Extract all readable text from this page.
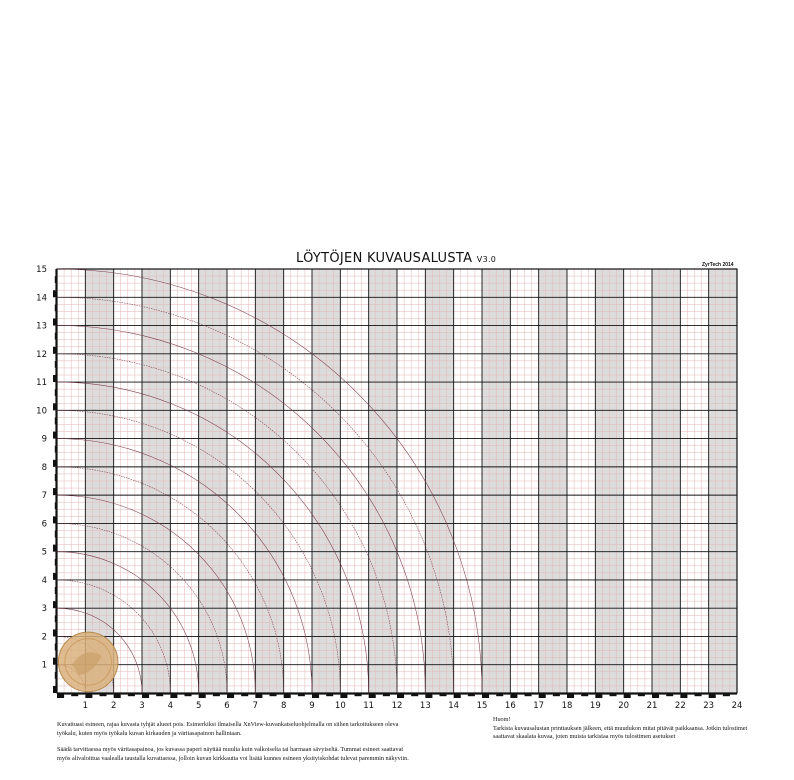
1	2	3	4	5	6	7	8	9 10 11 12 13 14 15 16 17 18 19 20 21 22 23 24
1
2
3
4
5
6
7
8
9
10
11
12
13
14
15
LÖYTÖJEN KUVAUSALUSTA V3.0
ZyrTech 2014

Kuvattuasi esineen, rajaa kuvasta tyhjät alueet pois. Esimerkiksi ilmaisella XnView-kuvankatseluohjelmalla on siihen tarkoitukseen oleva työkalu, kuten myös työkalu kuvan kirkauden ja väritasapainon hallintaan.

Säädä tarvittaessa myös väritasapainoa, jos kuvassa paperi näyttää muulta kuin valkoiselta tai harmaan sävyiseltä. Tummat esineet saattavat myös alivaloittua vaalealla taustalla kuvattaessa, jolloin kuvan kirkkautta voi lisätä kunnes esineen yksityiskohdat tulevat paremmin näkyviin.

Huom!
Tarkista kuvausalustan printtauksen jälkeen, että muudukon mitat pitävät paikkaansa. Jotkin tulostimet saattavat skaalata kuvaa, joten muista tarkistaa myös tulostimen asetukset
